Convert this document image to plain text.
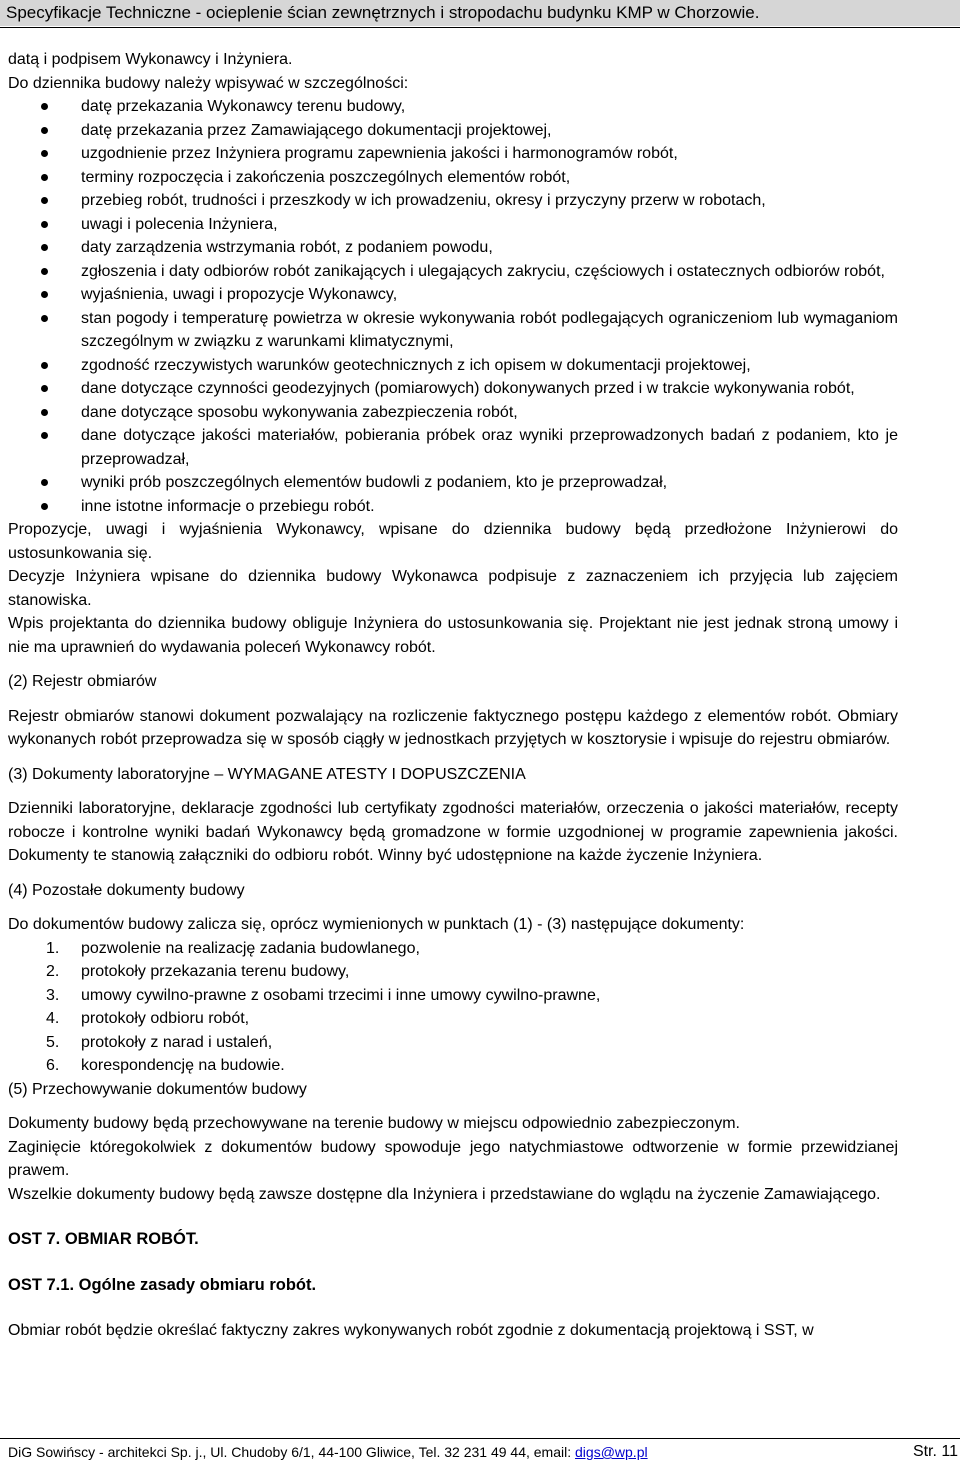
Specyfikacje Techniczne - ocieplenie ścian zewnętrznych i stropodachu budynku KMP w Chorzowie.

datą i podpisem Wykonawcy i Inżyniera.

Do dziennika budowy należy wpisywać w szczególności:

datę przekazania Wykonawcy terenu budowy,
datę przekazania przez Zamawiającego dokumentacji projektowej,
uzgodnienie przez Inżyniera programu zapewnienia jakości i harmonogramów robót,
terminy rozpoczęcia i zakończenia poszczególnych elementów robót,
przebieg robót, trudności i przeszkody w ich prowadzeniu, okresy i przyczyny przerw w robotach,
uwagi i polecenia Inżyniera,
daty zarządzenia wstrzymania robót, z podaniem powodu,
zgłoszenia i daty odbiorów robót zanikających i ulegających zakryciu, częściowych i ostatecznych odbiorów robót,
wyjaśnienia, uwagi i propozycje Wykonawcy,
stan pogody i temperaturę powietrza w okresie wykonywania robót podlegających ograniczeniom lub wymaganiom szczególnym w związku z warunkami klimatycznymi,
zgodność rzeczywistych warunków geotechnicznych z ich opisem w dokumentacji projektowej,
dane dotyczące czynności geodezyjnych (pomiarowych) dokonywanych przed i w trakcie wykonywania robót,
dane dotyczące sposobu wykonywania zabezpieczenia robót,
dane dotyczące jakości materiałów, pobierania próbek oraz wyniki przeprowadzonych badań z podaniem, kto je przeprowadzał,
wyniki prób poszczególnych elementów budowli z podaniem, kto je przeprowadzał,
inne istotne informacje o przebiegu robót.

Propozycje, uwagi i wyjaśnienia Wykonawcy, wpisane do dziennika budowy będą przedłożone Inżynierowi do ustosunkowania się.

Decyzje Inżyniera wpisane do dziennika budowy Wykonawca podpisuje z zaznaczeniem ich przyjęcia lub zajęciem stanowiska.

Wpis projektanta do dziennika budowy obliguje Inżyniera do ustosunkowania się. Projektant nie jest jednak stroną umowy i nie ma uprawnień do wydawania poleceń Wykonawcy robót.

(2) Rejestr obmiarów

Rejestr obmiarów stanowi dokument pozwalający na rozliczenie faktycznego postępu każdego z elementów robót. Obmiary wykonanych robót przeprowadza się w sposób ciągły w jednostkach przyjętych w kosztorysie i wpisuje do rejestru obmiarów.

(3) Dokumenty laboratoryjne – WYMAGANE ATESTY I DOPUSZCZENIA

Dzienniki laboratoryjne, deklaracje zgodności lub certyfikaty zgodności materiałów, orzeczenia o jakości materiałów, recepty robocze i kontrolne wyniki badań Wykonawcy będą gromadzone w formie uzgodnionej w programie zapewnienia jakości. Dokumenty te stanowią załączniki do odbioru robót. Winny być udostępnione na każde życzenie Inżyniera.

(4) Pozostałe dokumenty budowy

Do dokumentów budowy zalicza się, oprócz wymienionych w punktach (1) - (3) następujące dokumenty:

1. pozwolenie na realizację zadania budowlanego,
2. protokoły przekazania terenu budowy,
3. umowy cywilno-prawne z osobami trzecimi i inne umowy cywilno-prawne,
4. protokoły odbioru robót,
5. protokoły z narad i ustaleń,
6. korespondencję na budowie.

(5) Przechowywanie dokumentów budowy

Dokumenty budowy będą przechowywane na terenie budowy w miejscu odpowiednio zabezpieczonym.

Zaginięcie któregokolwiek z dokumentów budowy spowoduje jego natychmiastowe odtworzenie w formie przewidzianej prawem.

Wszelkie dokumenty budowy będą zawsze dostępne dla Inżyniera i przedstawiane do wglądu na życzenie Zamawiającego.

OST 7. OBMIAR ROBÓT.
OST 7.1. Ogólne zasady obmiaru robót.

Obmiar robót będzie określać faktyczny zakres wykonywanych robót zgodnie z dokumentacją projektową i SST, w

DiG Sowińscy - architekci Sp. j., Ul. Chudoby 6/1, 44-100 Gliwice, Tel. 32 231 49 44, email: digs@wp.pl	Str. 11
